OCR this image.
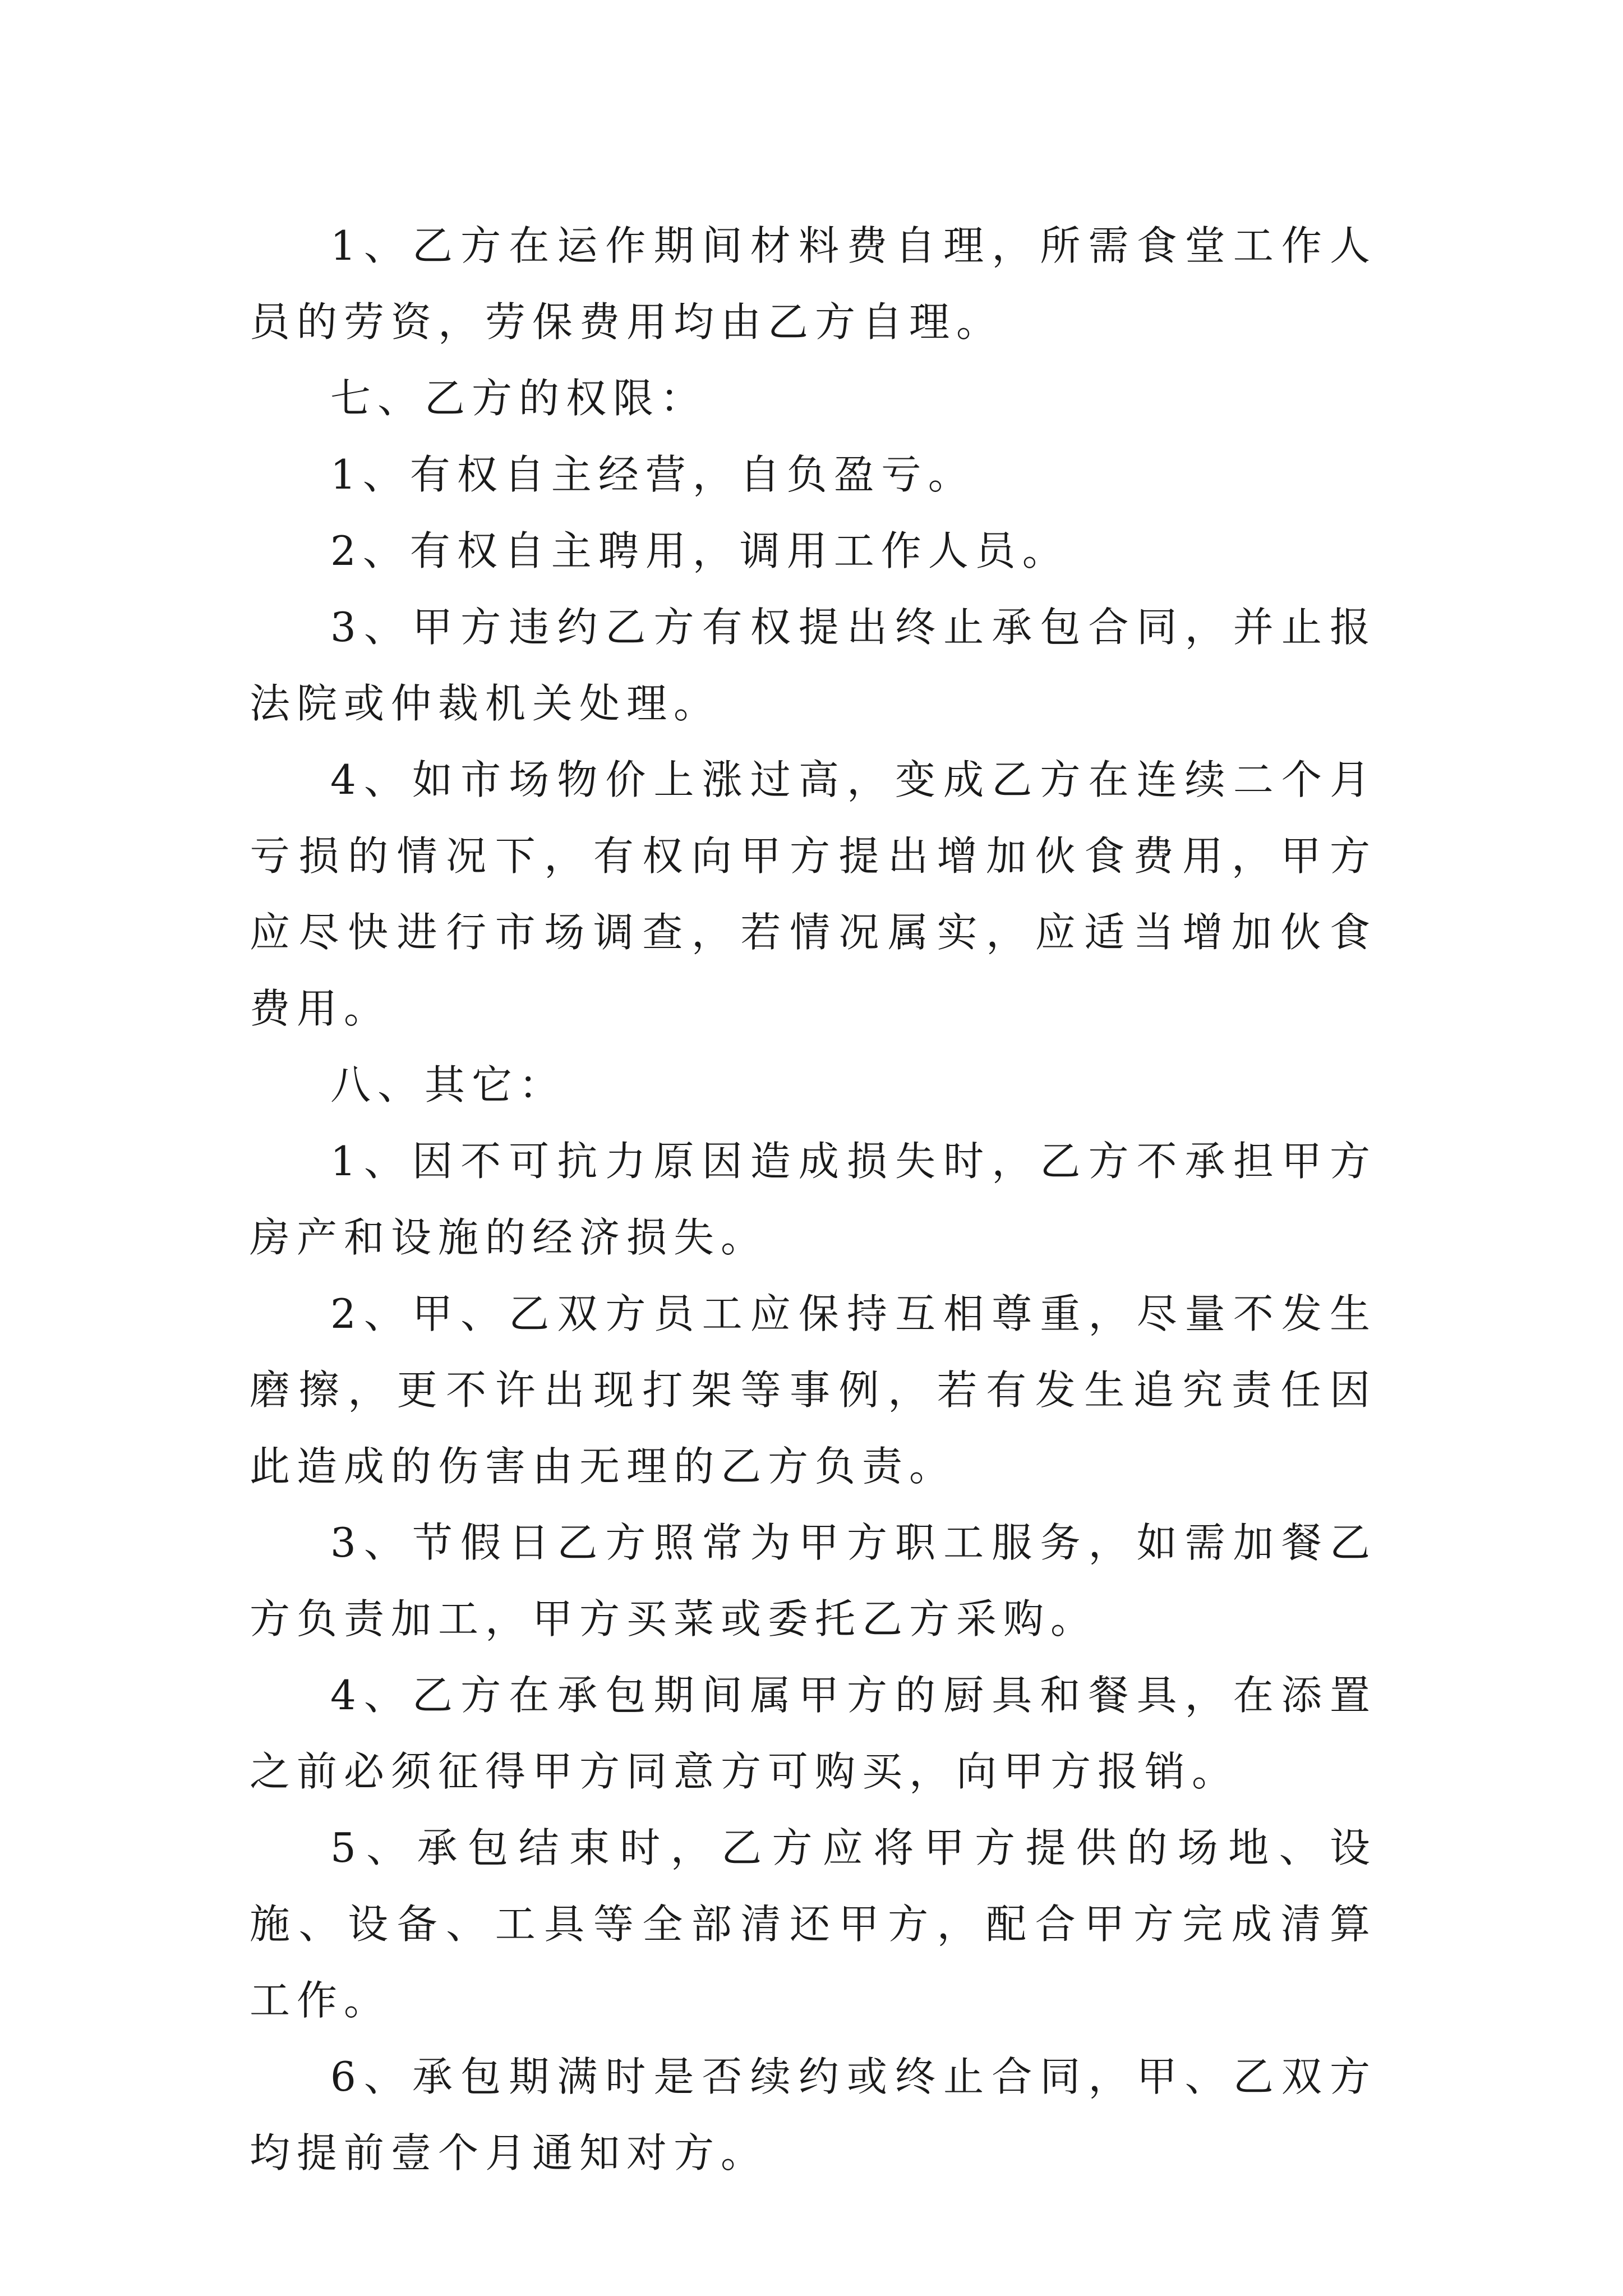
1、乙方在运作期间材料费自理，所需食堂工作人员的劳资，劳保费用均由乙方自理。

七、乙方的权限：

1、有权自主经营，自负盈亏。

2、有权自主聘用，调用工作人员。

3、甲方违约乙方有权提出终止承包合同，并止报法院或仲裁机关处理。

4、如市场物价上涨过高，变成乙方在连续二个月亏损的情况下，有权向甲方提出增加伙食费用，甲方应尽快进行市场调查，若情况属实，应适当增加伙食费用。

八、其它：

1、因不可抗力原因造成损失时，乙方不承担甲方房产和设施的经济损失。

2、甲、乙双方员工应保持互相尊重，尽量不发生磨擦，更不许出现打架等事例，若有发生追究责任因此造成的伤害由无理的乙方负责。

3、节假日乙方照常为甲方职工服务，如需加餐乙方负责加工，甲方买菜或委托乙方采购。

4、乙方在承包期间属甲方的厨具和餐具，在添置之前必须征得甲方同意方可购买，向甲方报销。

5、承包结束时，乙方应将甲方提供的场地、设施、设备、工具等全部清还甲方，配合甲方完成清算工作。

6、承包期满时是否续约或终止合同，甲、乙双方均提前壹个月通知对方。
